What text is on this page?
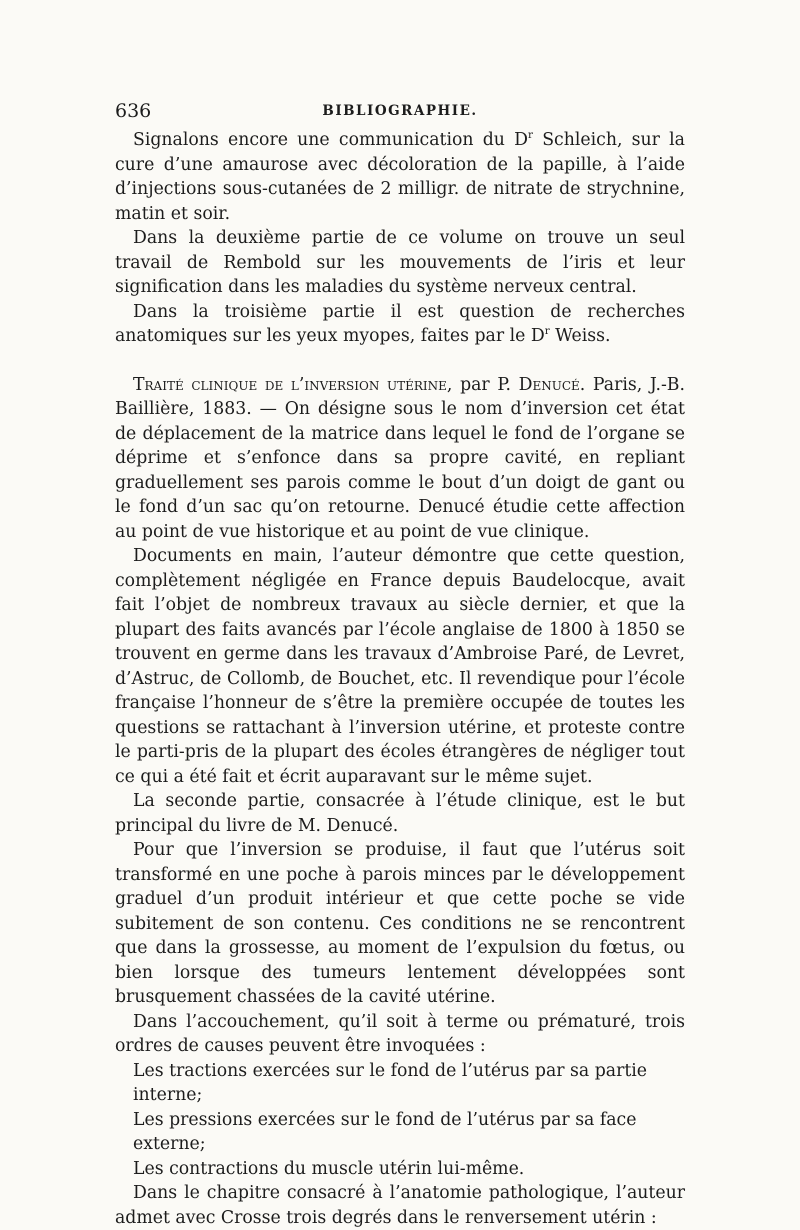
636	BIBLIOGRAPHIE.

Signalons encore une communication du $D^r$ Schleich, sur la cure d’une amaurose avec décoloration de la papille, à l’aide d’injections sous-cutanées de 2 milligr. de nitrate de strychnine, matin et soir.

Dans la deuxième partie de ce volume on trouve un seul travail de Rembold sur les mouvements de l’iris et leur signification dans les maladies du système nerveux central.

Dans la troisième partie il est question de recherches anatomiques sur les yeux myopes, faites par le $D^r$ Weiss.

Traité clinique de l’inversion utérine, par P. Denucé. Paris, J.-B. Baillière, 1883. — On désigne sous le nom d’inversion cet état de déplacement de la matrice dans lequel le fond de l’organe se déprime et s’enfonce dans sa propre cavité, en repliant graduellement ses parois comme le bout d’un doigt de gant ou le fond d’un sac qu’on retourne. Denucé étudie cette affection au point de vue historique et au point de vue clinique.

Documents en main, l’auteur démontre que cette question, complètement négligée en France depuis Baudelocque, avait fait l’objet de nombreux travaux au siècle dernier, et que la plupart des faits avancés par l’école anglaise de 1800 à 1850 se trouvent en germe dans les travaux d’Ambroise Paré, de Levret, d’Astruc, de Collomb, de Bouchet, etc. Il revendique pour l’école française l’honneur de s’être la première occupée de toutes les questions se rattachant à l’inversion utérine, et proteste contre le parti-pris de la plupart des écoles étrangères de négliger tout ce qui a été fait et écrit auparavant sur le même sujet.

La seconde partie, consacrée à l’étude clinique, est le but principal du livre de M. Denucé.

Pour que l’inversion se produise, il faut que l’utérus soit transformé en une poche à parois minces par le développement graduel d’un produit intérieur et que cette poche se vide subitement de son contenu. Ces conditions ne se rencontrent que dans la grossesse, au moment de l’expulsion du fœtus, ou bien lorsque des tumeurs lentement développées sont brusquement chassées de la cavité utérine.

Dans l’accouchement, qu’il soit à terme ou prématuré, trois ordres de causes peuvent être invoquées :

Les tractions exercées sur le fond de l’utérus par sa partie interne;

Les pressions exercées sur le fond de l’utérus par sa face externe;

Les contractions du muscle utérin lui-même.

Dans le chapitre consacré à l’anatomie pathologique, l’auteur admet avec Crosse trois degrés dans le renversement utérin :
